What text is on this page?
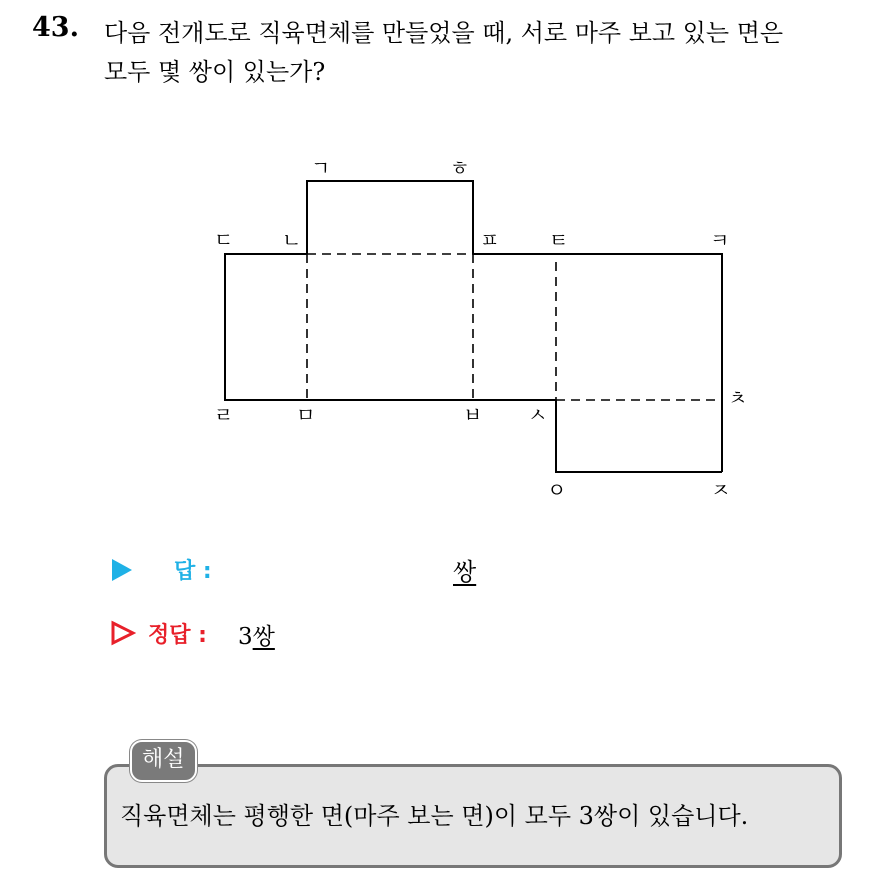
43. 다음 전개도로 직육면체를 만들었을 때, 서로 마주 보고 있는 면은
모두 몇 쌍이 있는가?
ㄱ	ㅎ
ㄷ ㄴ	ㅍ ㅌ	ㅋ
ㄹ	ㅁ	ㅂ ㅅ
ㅊ
ㅇ	ㅈ
답 :	쌍
정답 : 3쌍
해설
직육면체는 평행한 면(마주 보는 면)이 모두 3쌍이 있습니다.
